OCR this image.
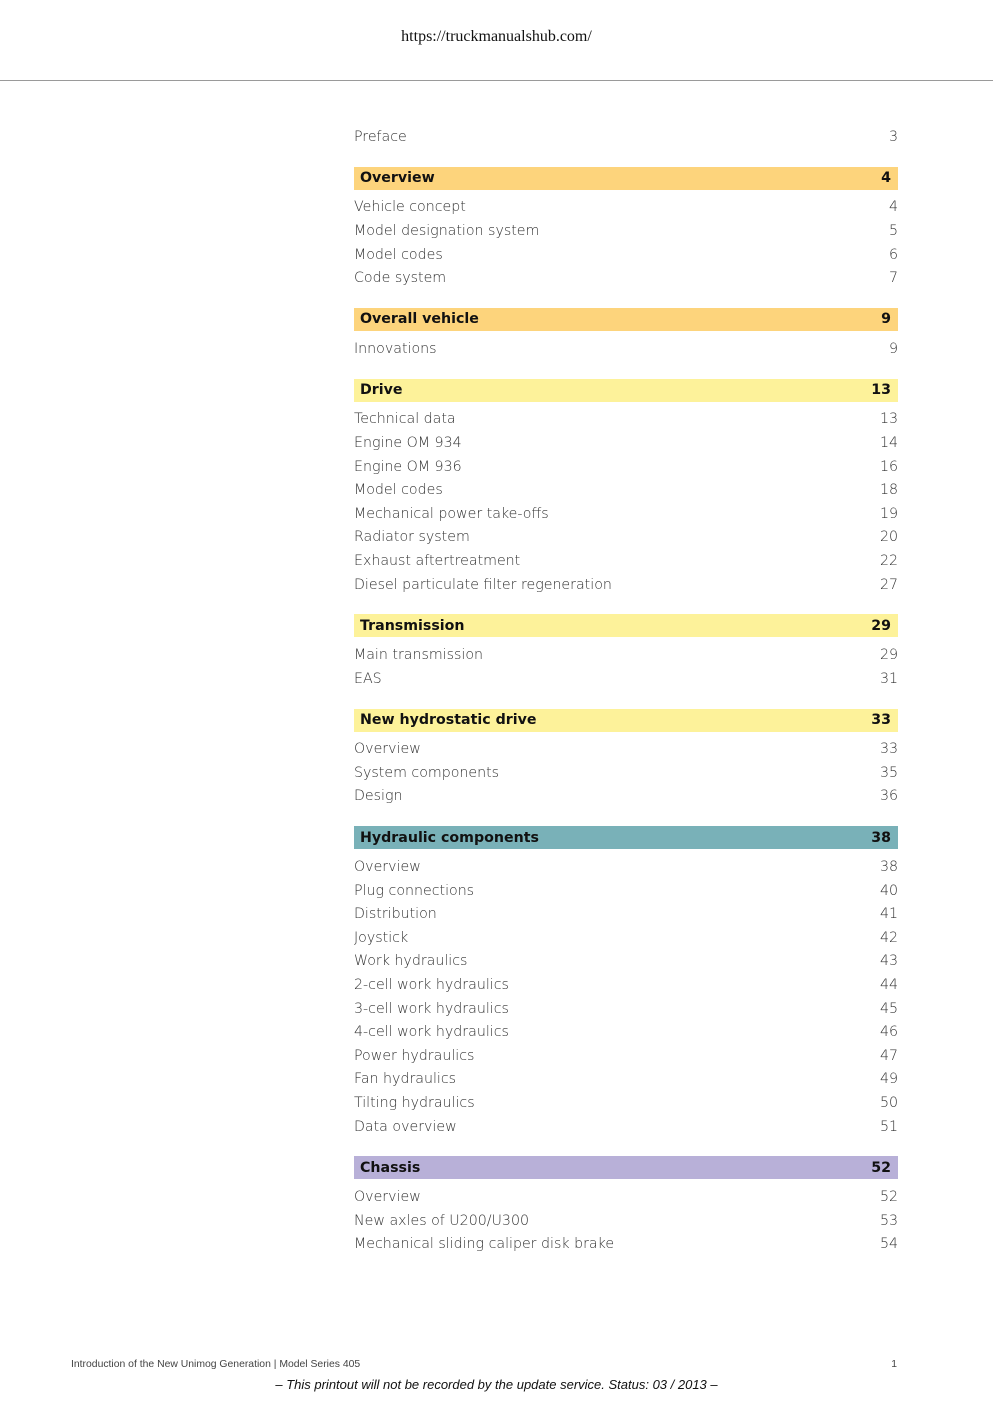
https://truckmanualshub.com/
Preface	3
Overview	4
Vehicle concept	4
Model designation system	5
Model codes	6
Code system	7
Overall vehicle	9
Innovations	9
Drive	13
Technical data	13
Engine OM 934	14
Engine OM 936	16
Model codes	18
Mechanical power take-offs	19
Radiator system	20
Exhaust aftertreatment	22
Diesel particulate filter regeneration	27
Transmission	29
Main transmission	29
EAS	31
New hydrostatic drive	33
Overview	33
System components	35
Design	36
Hydraulic components	38
Overview	38
Plug connections	40
Distribution	41
Joystick	42
Work hydraulics	43
2-cell work hydraulics	44
3-cell work hydraulics	45
4-cell work hydraulics	46
Power hydraulics	47
Fan hydraulics	49
Tilting hydraulics	50
Data overview	51
Chassis	52
Overview	52
New axles of U200/U300	53
Mechanical sliding caliper disk brake	54
Introduction of the New Unimog Generation | Model Series 405	1
– This printout will not be recorded by the update service. Status: 03 / 2013 –
